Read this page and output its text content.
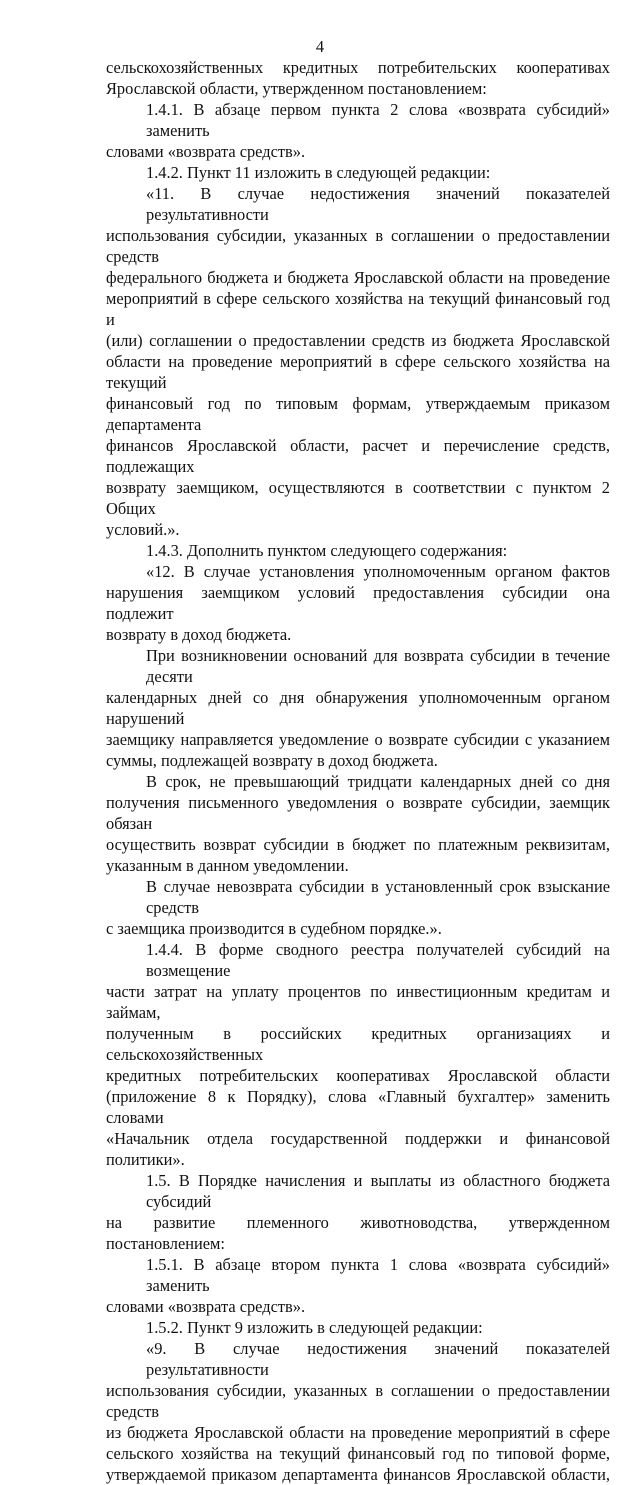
4
сельскохозяйственных кредитных потребительских кооперативах
Ярославской области, утвержденном постановлением:
1.4.1. В абзаце первом пункта 2 слова «возврата субсидий» заменить
словами «возврата средств».
1.4.2. Пункт 11 изложить в следующей редакции:
«11. В случае недостижения значений показателей результативности
использования субсидии, указанных в соглашении о предоставлении средств
федерального бюджета и бюджета Ярославской области на проведение
мероприятий в сфере сельского хозяйства на текущий финансовый год и
(или) соглашении о предоставлении средств из бюджета Ярославской
области на проведение мероприятий в сфере сельского хозяйства на текущий
финансовый год по типовым формам, утверждаемым приказом департамента
финансов Ярославской области, расчет и перечисление средств, подлежащих
возврату заемщиком, осуществляются в соответствии с пунктом 2 Общих
условий.».
1.4.3. Дополнить пунктом следующего содержания:
«12. В случае установления уполномоченным органом фактов
нарушения заемщиком условий предоставления субсидии она подлежит
возврату в доход бюджета.
При возникновении оснований для возврата субсидии в течение десяти
календарных дней со дня обнаружения уполномоченным органом нарушений
заемщику направляется уведомление о возврате субсидии с указанием
суммы, подлежащей возврату в доход бюджета.
В срок, не превышающий тридцати календарных дней со дня
получения письменного уведомления о возврате субсидии, заемщик обязан
осуществить возврат субсидии в бюджет по платежным реквизитам,
указанным в данном уведомлении.
В случае невозврата субсидии в установленный срок взыскание средств
с заемщика производится в судебном порядке.».
1.4.4. В форме сводного реестра получателей субсидий на возмещение
части затрат на уплату процентов по инвестиционным кредитам и займам,
полученным в российских кредитных организациях и сельскохозяйственных
кредитных потребительских кооперативах Ярославской области
(приложение 8 к Порядку), слова «Главный бухгалтер» заменить словами
«Начальник отдела государственной поддержки и финансовой политики».
1.5. В Порядке начисления и выплаты из областного бюджета субсидий
на развитие племенного животноводства, утвержденном постановлением:
1.5.1. В абзаце втором пункта 1 слова «возврата субсидий» заменить
словами «возврата средств».
1.5.2. Пункт 9 изложить в следующей редакции:
«9. В случае недостижения значений показателей результативности
использования субсидии, указанных в соглашении о предоставлении средств
из бюджета Ярославской области на проведение мероприятий в сфере
сельского хозяйства на текущий финансовый год по типовой форме,
утверждаемой приказом департамента финансов Ярославской области,
